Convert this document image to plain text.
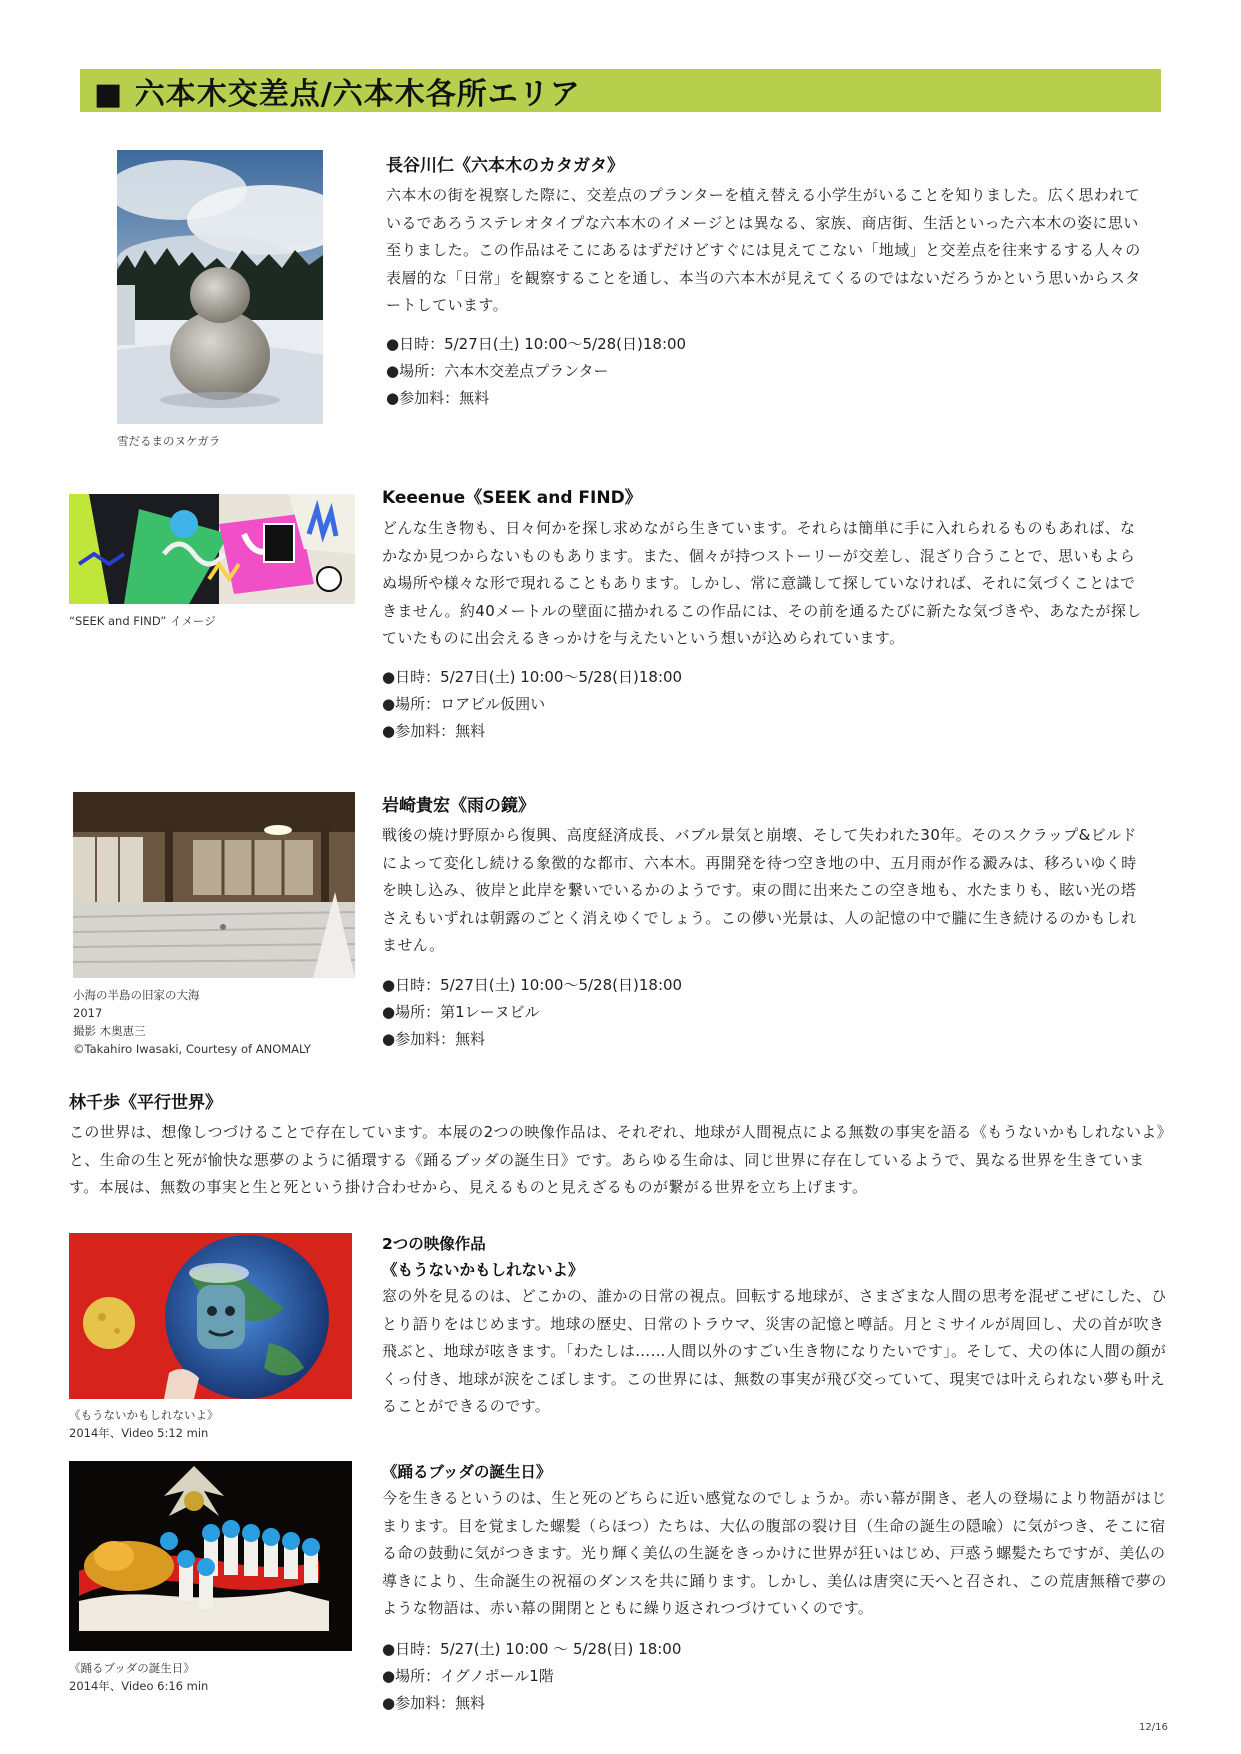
■ 六本木交差点/六本木各所エリア
雪だるまのヌケガラ
長谷川仁《六本木のカタガタ》
六本木の街を視察した際に、交差点のプランターを植え替える小学生がいることを知りました。広く思われているであろうステレオタイプな六本木のイメージとは異なる、家族、商店街、生活といった六本木の姿に思い至りました。この作品はそこにあるはずだけどすぐには見えてこない「地域」と交差点を往来するする人々の表層的な「日常」を観察することを通し、本当の六本木が見えてくるのではないだろうかという思いからスタートしています。
●日時：5/27日(土) 10:00〜5/28(日)18:00
●場所：六本木交差点プランター
●参加料：無料
“SEEK and FIND” イメージ
Keeenue《SEEK and FIND》
どんな生き物も、日々何かを探し求めながら生きています。それらは簡単に手に入れられるものもあれば、なかなか見つからないものもあります。また、個々が持つストーリーが交差し、混ざり合うことで、思いもよらぬ場所や様々な形で現れることもあります。しかし、常に意識して探していなければ、それに気づくことはできません。約40メートルの壁面に描かれるこの作品には、その前を通るたびに新たな気づきや、あなたが探していたものに出会えるきっかけを与えたいという想いが込められています。
●日時：5/27日(土) 10:00〜5/28(日)18:00
●場所：ロアビル仮囲い
●参加料：無料
小海の半島の旧家の大海
2017
撮影 木奥恵三
©Takahiro Iwasaki, Courtesy of ANOMALY
岩崎貴宏《雨の鏡》
戦後の焼け野原から復興、高度経済成長、バブル景気と崩壊、そして失われた30年。そのスクラップ&ビルドによって変化し続ける象徴的な都市、六本木。再開発を待つ空き地の中、五月雨が作る澱みは、移ろいゆく時を映し込み、彼岸と此岸を繋いでいるかのようです。束の間に出来たこの空き地も、水たまりも、眩い光の塔さえもいずれは朝露のごとく消えゆくでしょう。この儚い光景は、人の記憶の中で朧に生き続けるのかもしれません。
●日時：5/27日(土) 10:00〜5/28(日)18:00
●場所：第1レーヌビル
●参加料：無料
林千歩《平行世界》
この世界は、想像しつづけることで存在しています。本展の2つの映像作品は、それぞれ、地球が人間視点による無数の事実を語る《もうないかもしれないよ》と、生命の生と死が愉快な悪夢のように循環する《踊るブッダの誕生日》です。あらゆる生命は、同じ世界に存在しているようで、異なる世界を生きています。本展は、無数の事実と生と死という掛け合わせから、見えるものと見えざるものが繋がる世界を立ち上げます。
《もうないかもしれないよ》
2014年、Video 5:12 min
2つの映像作品
《もうないかもしれないよ》
窓の外を見るのは、どこかの、誰かの日常の視点。回転する地球が、さまざまな人間の思考を混ぜこぜにした、ひとり語りをはじめます。地球の歴史、日常のトラウマ、災害の記憶と噂話。月とミサイルが周回し、犬の首が吹き飛ぶと、地球が呟きます。「わたしは……人間以外のすごい生き物になりたいです」。そして、犬の体に人間の顔がくっ付き、地球が涙をこぼします。この世界には、無数の事実が飛び交っていて、現実では叶えられない夢も叶えることができるのです。
《踊るブッダの誕生日》
2014年、Video 6:16 min
《踊るブッダの誕生日》
今を生きるというのは、生と死のどちらに近い感覚なのでしょうか。赤い幕が開き、老人の登場により物語がはじまります。目を覚ました螺髪（らほつ）たちは、大仏の腹部の裂け目（生命の誕生の隠喩）に気がつき、そこに宿る命の鼓動に気がつきます。光り輝く美仏の生誕をきっかけに世界が狂いはじめ、戸惑う螺髪たちですが、美仏の導きにより、生命誕生の祝福のダンスを共に踊ります。しかし、美仏は唐突に天へと召され、この荒唐無稽で夢のような物語は、赤い幕の開閉とともに繰り返されつづけていくのです。
●日時：5/27(土) 10:00 〜 5/28(日) 18:00
●場所：イグノポール1階
●参加料：無料
12/16
